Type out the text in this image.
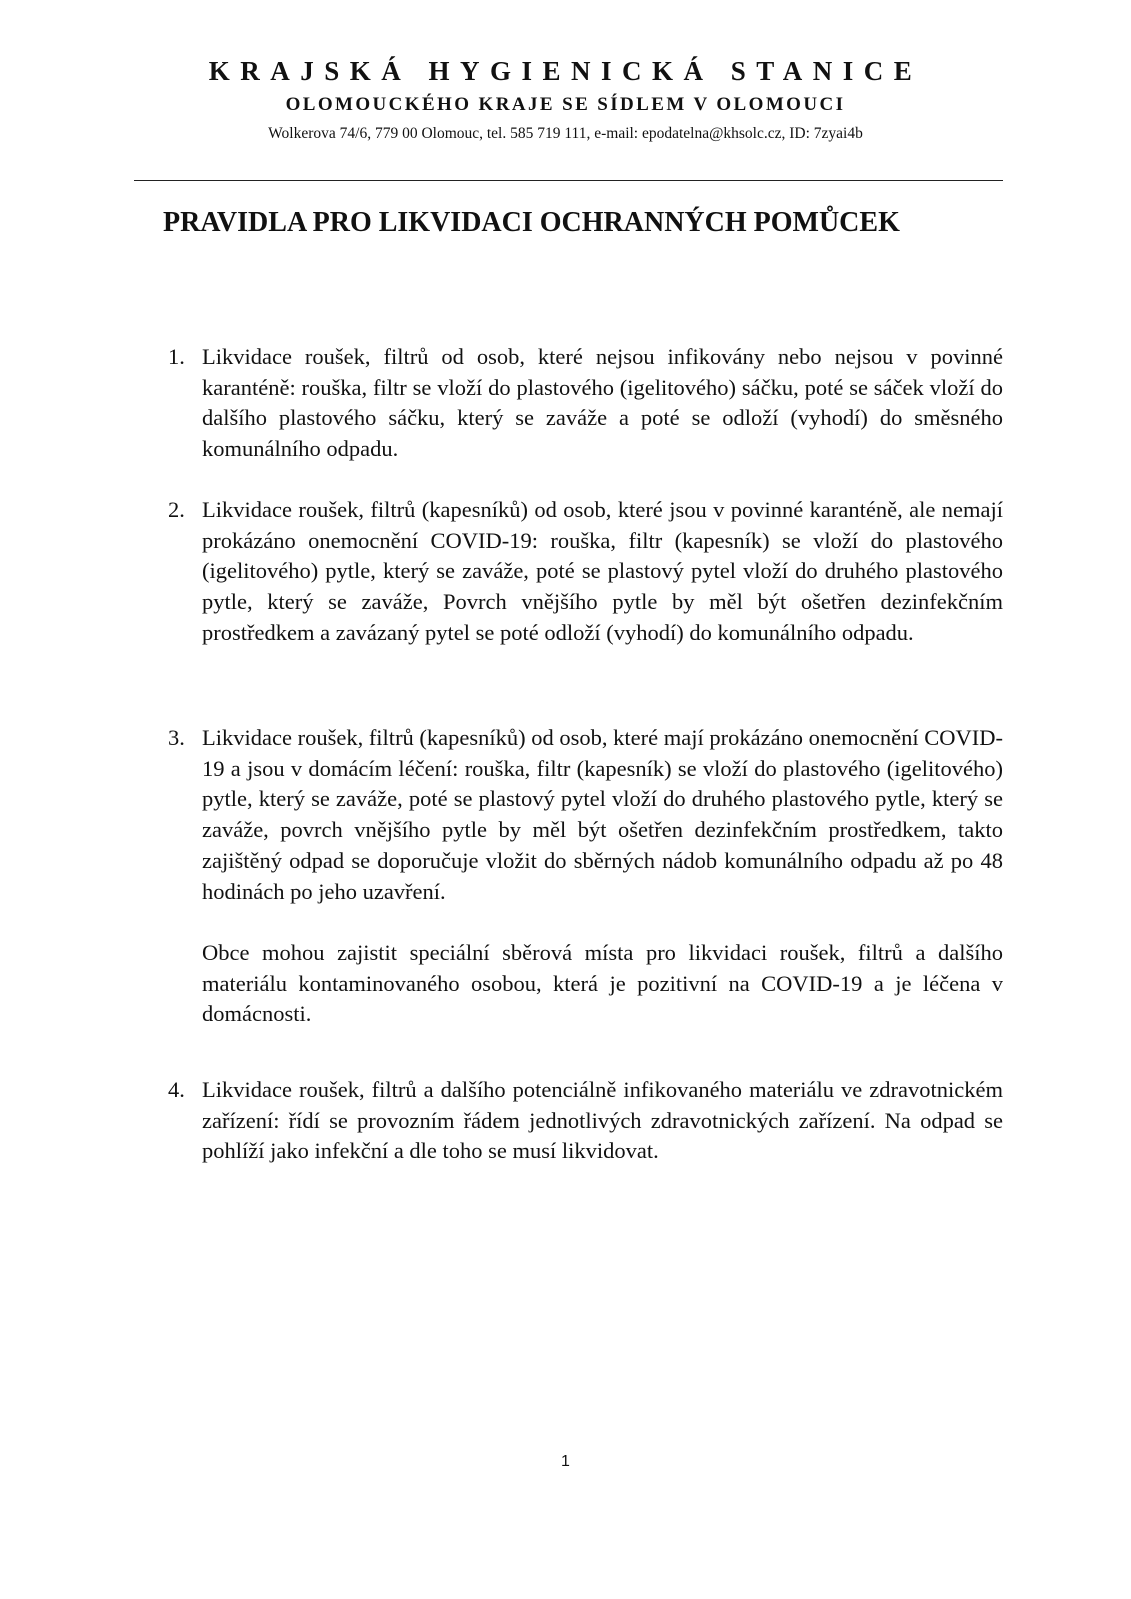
KRAJSKÁ HYGIENICKÁ STANICE
OLOMOUCKÉHO KRAJE SE SÍDLEM V OLOMOUCI
Wolkerova 74/6, 779 00 Olomouc, tel. 585 719 111, e-mail: epodatelna@khsolc.cz, ID: 7zyai4b
PRAVIDLA PRO LIKVIDACI OCHRANNÝCH POMŮCEK
1. Likvidace roušek, filtrů od osob, které nejsou infikovány nebo nejsou v povinné karanténě: rouška, filtr se vloží do plastového (igelitového) sáčku, poté se sáček vloží do dalšího plastového sáčku, který se zaváže a poté se odloží (vyhodí) do směsného komunálního odpadu.

2. Likvidace roušek, filtrů (kapesníků) od osob, které jsou v povinné karanténě, ale nemají prokázáno onemocnění COVID-19: rouška, filtr (kapesník) se vloží do plastového (igelitového) pytle, který se zaváže, poté se plastový pytel vloží do druhého plastového pytle, který se zaváže, Povrch vnějšího pytle by měl být ošetřen dezinfekčním prostředkem a zavázaný pytel se poté odloží (vyhodí) do komunálního odpadu.

3. Likvidace roušek, filtrů (kapesníků) od osob, které mají prokázáno onemocnění COVID-19 a jsou v domácím léčení: rouška, filtr (kapesník) se vloží do plastového (igelitového) pytle, který se zaváže, poté se plastový pytel vloží do druhého plastového pytle, který se zaváže, povrch vnějšího pytle by měl být ošetřen dezinfekčním prostředkem, takto zajištěný odpad se doporučuje vložit do sběrných nádob komunálního odpadu až po 48 hodinách po jeho uzavření.

Obce mohou zajistit speciální sběrová místa pro likvidaci roušek, filtrů a dalšího materiálu kontaminovaného osobou, která je pozitivní na COVID-19 a je léčena v domácnosti.

4. Likvidace roušek, filtrů a dalšího potenciálně infikovaného materiálu ve zdravotnickém zařízení: řídí se provozním řádem jednotlivých zdravotnických zařízení. Na odpad se pohlíží jako infekční a dle toho se musí likvidovat.

1
